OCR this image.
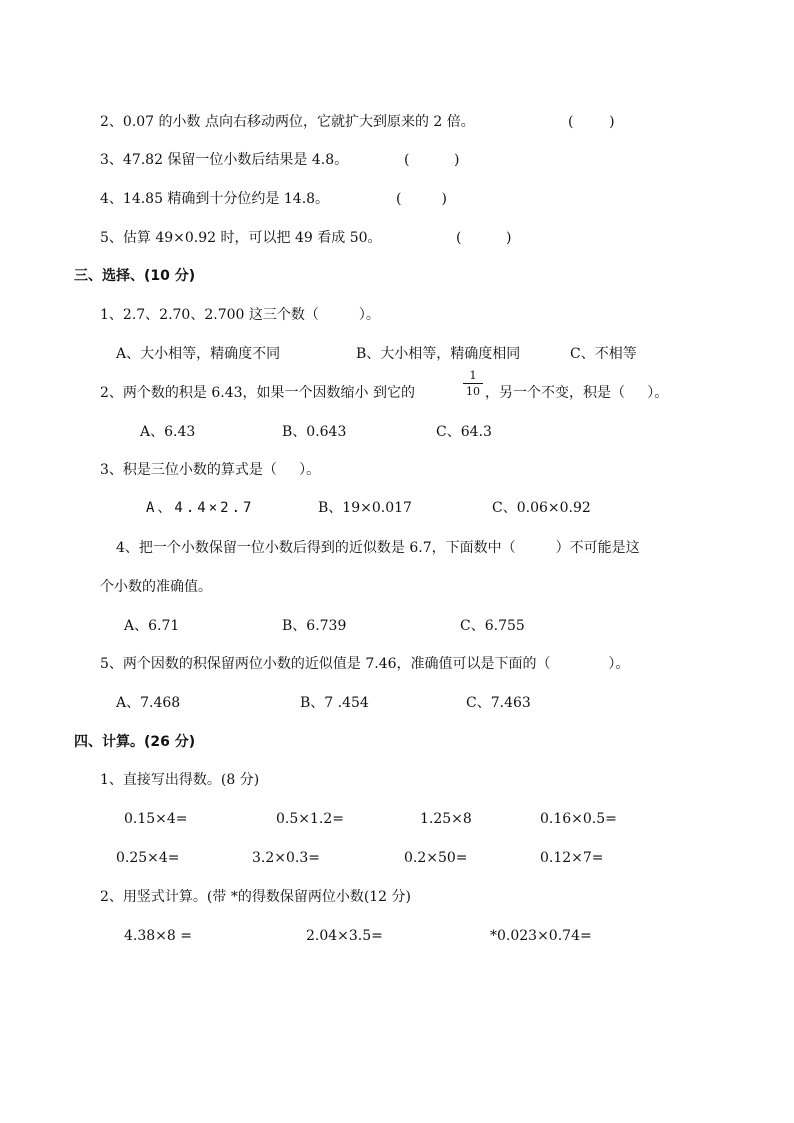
2、0.07 的小数 点向右移动两位，它就扩大到原来的 2 倍。	(        )
3、47.82 保留一位小数后结果是 4.8。	(          )
4、14.85 精确到十分位约是 14.8。	(         )
5、估算 49×0.92 时，可以把 49 看成 50。	(          )
三、选择、(10 分)
1、2.7、2.70、2.700 这三个数（         ）。
A、大小相等，精确度不同	B、大小相等，精确度相同	C、不相等
2、两个数的积是 6.43，如果一个因数缩小 到它的
1
10 ，另一个不变，积是（     ）。
A、6.43	B、0.643	C、64.3
3、积是三位小数的算式是（     ）。
A、4.4×2.7	B、19×0.017	C、0.06×0.92
4、把一个小数保留一位小数后得到的近似数是 6.7，下面数中（         ）不可能是这
个小数的准确值。
A、6.71	B、6.739	C、6.755
5、两个因数的积保留两位小数的近似值是 7.46，准确值可以是下面的（             ）。
A、7.468	B、7 .454	C、7.463
四、计算。(26 分)
1、直接写出得数。(8 分)
0.15×4=	0.5×1.2=	1.25×8	0.16×0.5=
0.25×4=	3.2×0.3=	0.2×50=	0.12×7=
2、用竖式计算。(带 *的得数保留两位小数(12 分)
4.38×8 =	2.04×3.5=	*0.023×0.74=
